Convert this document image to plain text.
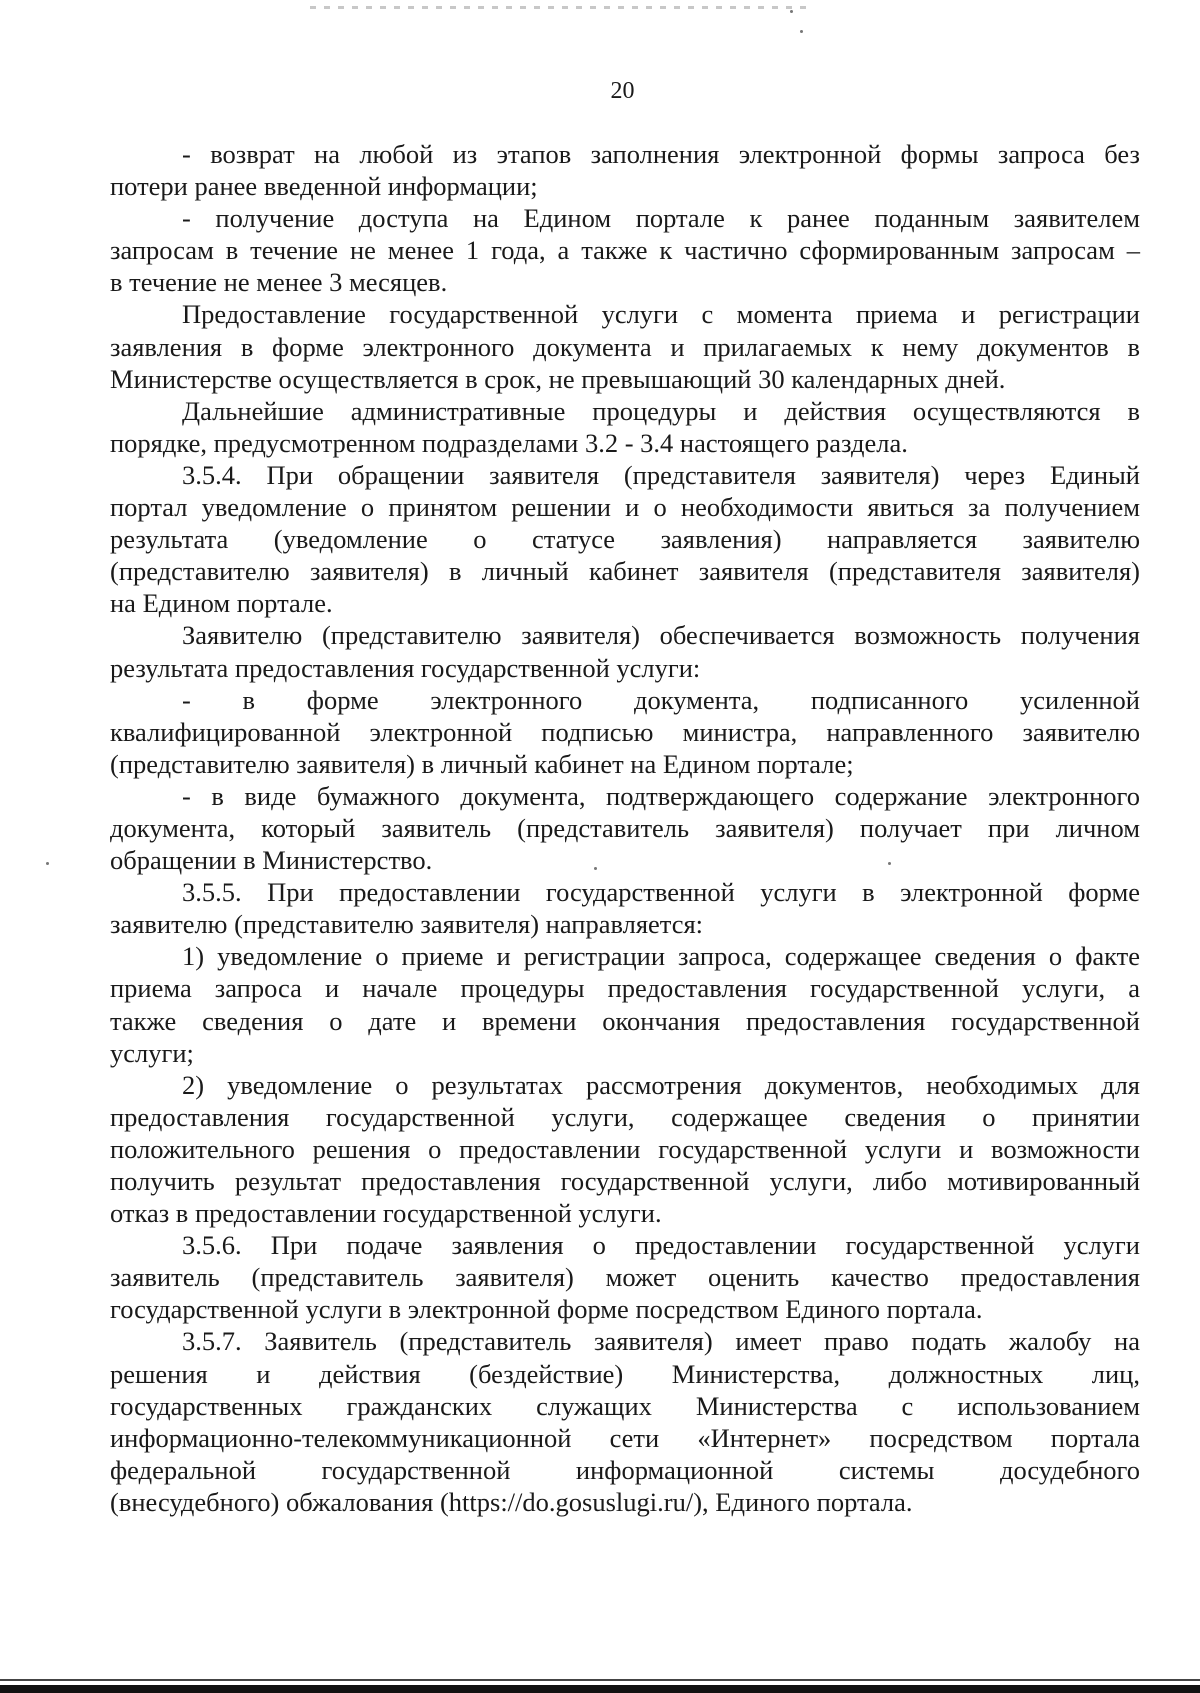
20

- возврат на любой из этапов заполнения электронной формы запроса без
потери ранее введенной информации;

- получение доступа на Едином портале к ранее поданным заявителем
запросам в течение не менее 1 года, а также к частично сформированным запросам –
в течение не менее 3 месяцев.

Предоставление государственной услуги с момента приема и регистрации
заявления в форме электронного документа и прилагаемых к нему документов в
Министерстве осуществляется в срок, не превышающий 30 календарных дней.

Дальнейшие административные процедуры и действия осуществляются в
порядке, предусмотренном подразделами 3.2 - 3.4 настоящего раздела.

3.5.4. При обращении заявителя (представителя заявителя) через Единый
портал уведомление о принятом решении и о необходимости явиться за получением
результата (уведомление о статусе заявления) направляется заявителю
(представителю заявителя) в личный кабинет заявителя (представителя заявителя)
на Едином портале.

Заявителю (представителю заявителя) обеспечивается возможность получения
результата предоставления государственной услуги:

- в форме электронного документа, подписанного усиленной
квалифицированной электронной подписью министра, направленного заявителю
(представителю заявителя) в личный кабинет на Едином портале;

- в виде бумажного документа, подтверждающего содержание электронного
документа, который заявитель (представитель заявителя) получает при личном
обращении в Министерство.

3.5.5. При предоставлении государственной услуги в электронной форме
заявителю (представителю заявителя) направляется:

1) уведомление о приеме и регистрации запроса, содержащее сведения о факте
приема запроса и начале процедуры предоставления государственной услуги, а
также сведения о дате и времени окончания предоставления государственной
услуги;

2) уведомление о результатах рассмотрения документов, необходимых для
предоставления государственной услуги, содержащее сведения о принятии
положительного решения о предоставлении государственной услуги и возможности
получить результат предоставления государственной услуги, либо мотивированный
отказ в предоставлении государственной услуги.

3.5.6. При подаче заявления о предоставлении государственной услуги
заявитель (представитель заявителя) может оценить качество предоставления
государственной услуги в электронной форме посредством Единого портала.

3.5.7. Заявитель (представитель заявителя) имеет право подать жалобу на
решения и действия (бездействие) Министерства, должностных лиц,
государственных гражданских служащих Министерства с использованием
информационно-телекоммуникационной сети «Интернет» посредством портала
федеральной государственной информационной системы досудебного
(внесудебного) обжалования (https://do.gosuslugi.ru/), Единого портала.
